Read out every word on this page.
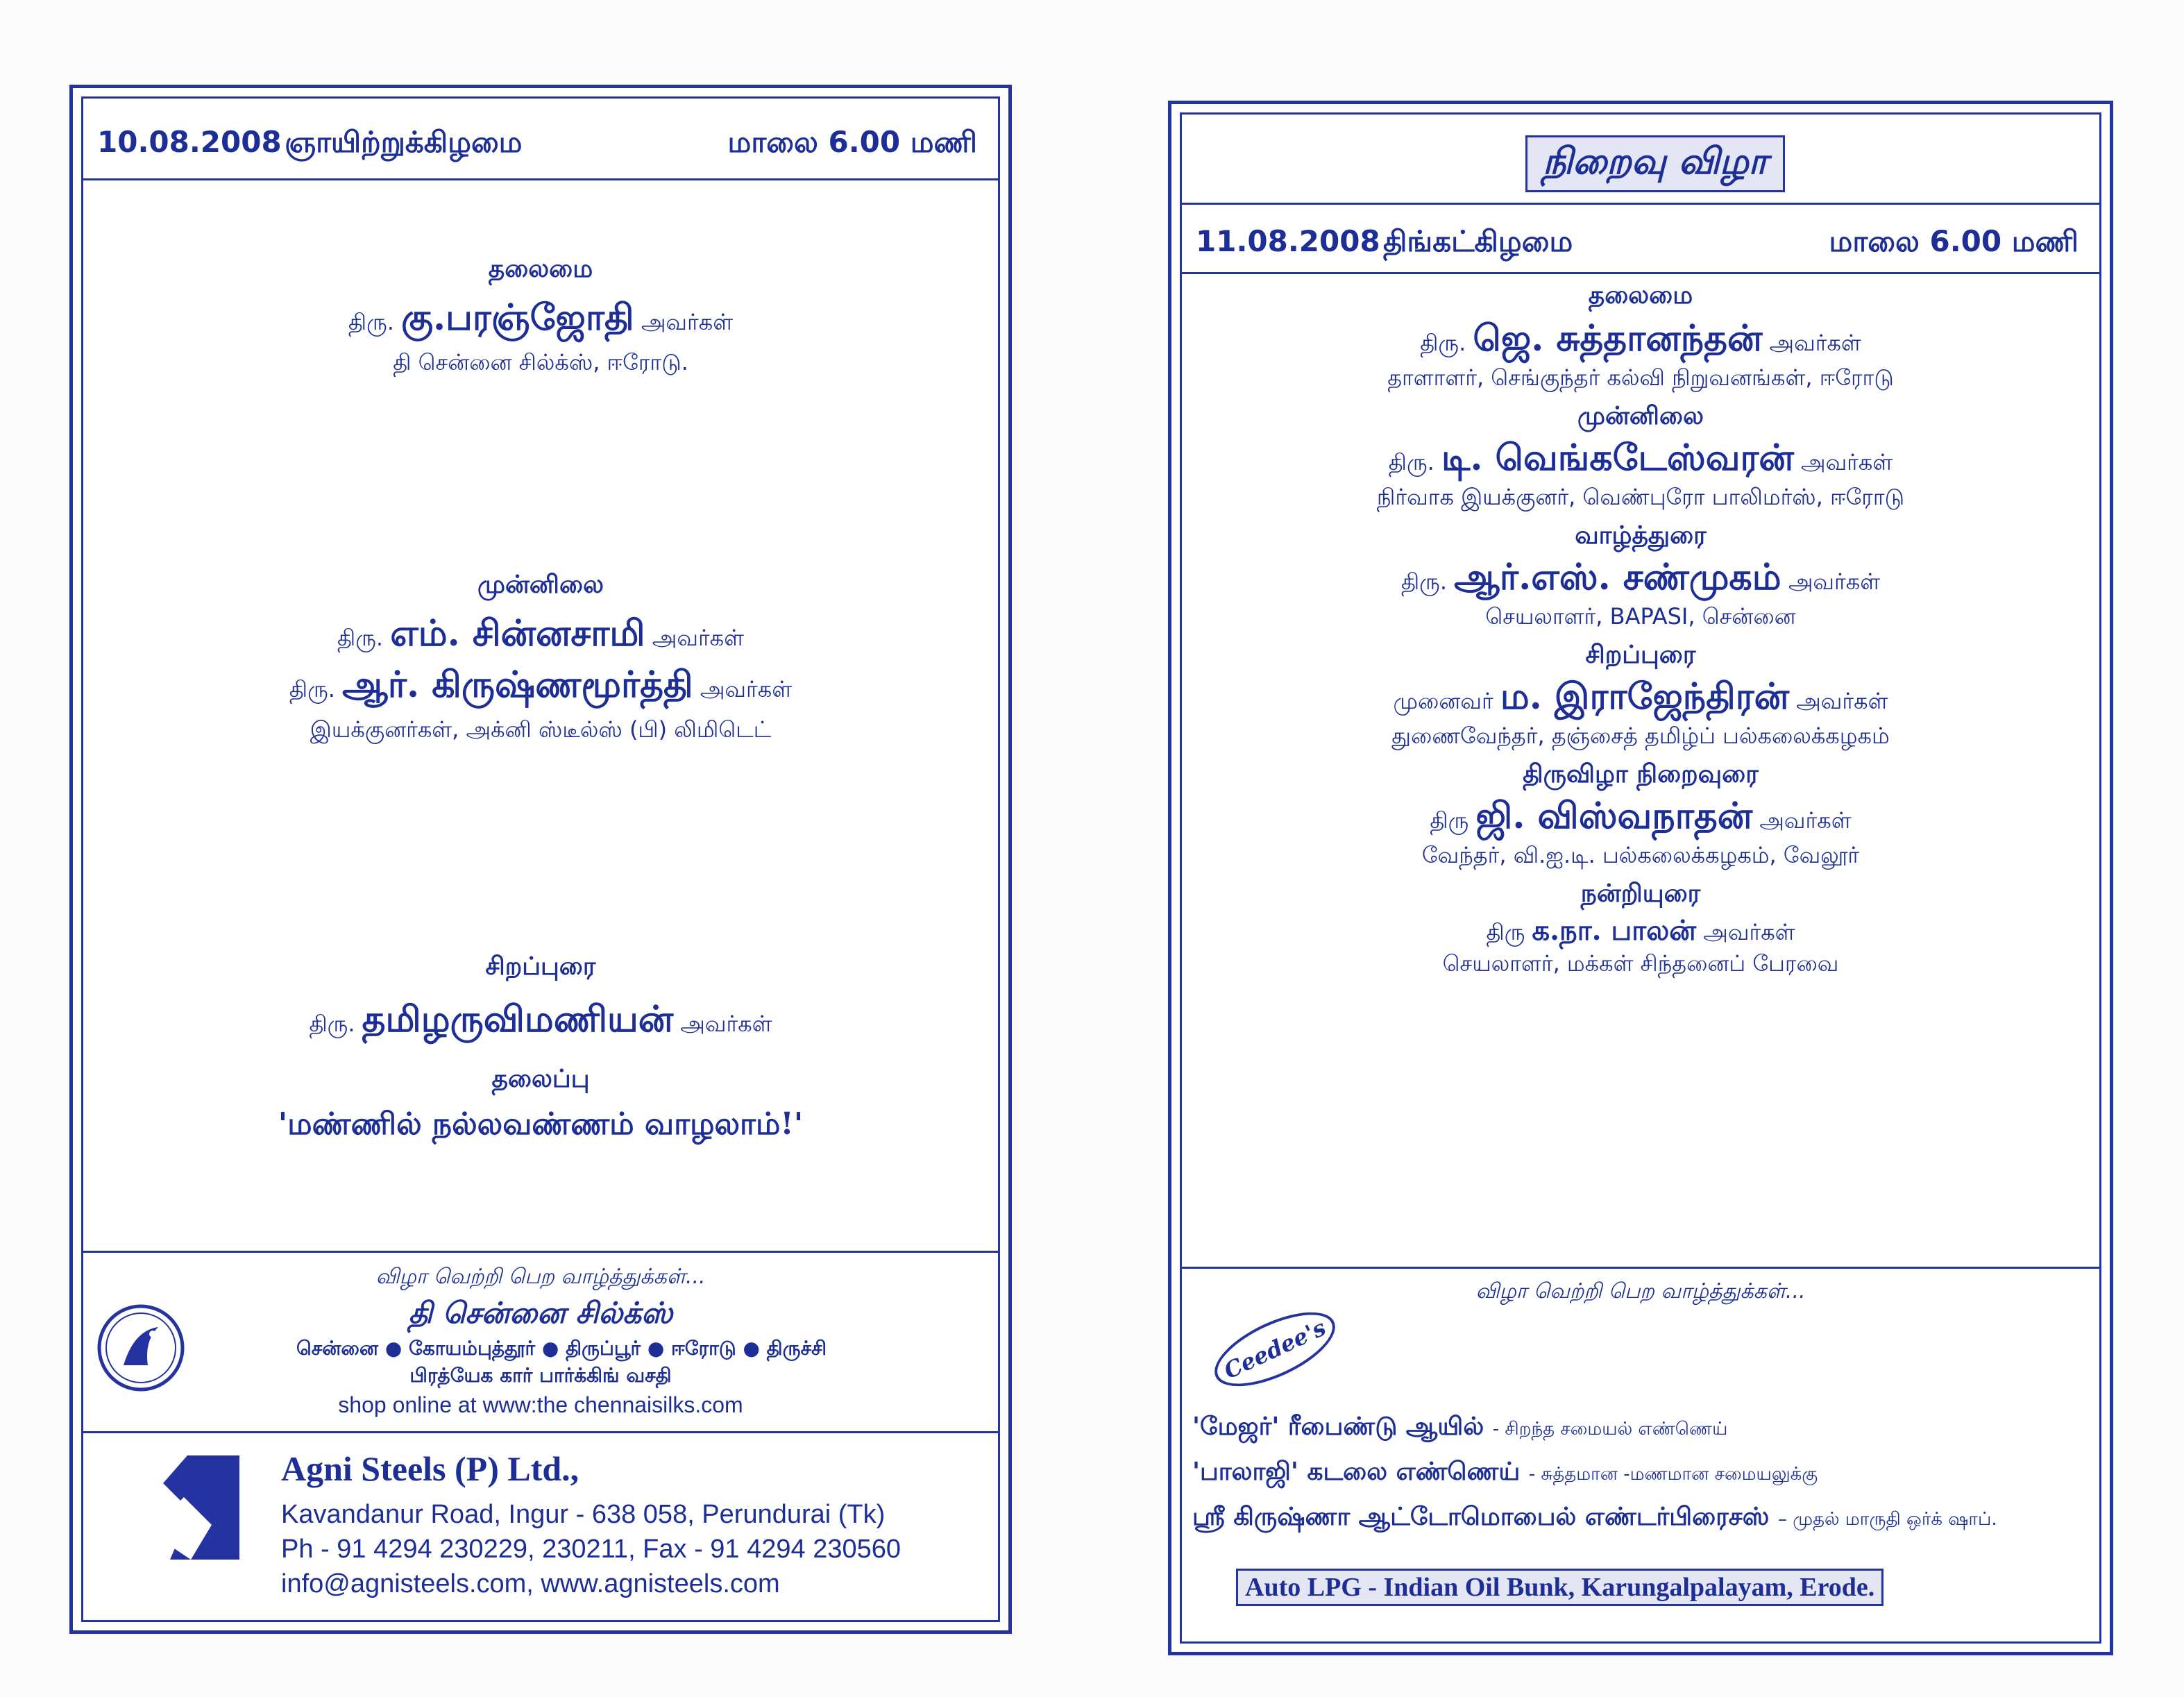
10.08.2008 ஞாயிற்றுக்கிழமை	மாலை 6.00 மணி
தலைமை
திரு. கு.பரஞ்ஜோதி அவர்கள்
தி சென்னை சில்க்ஸ், ஈரோடு.
முன்னிலை
திரு. எம். சின்னசாமி அவர்கள்
திரு. ஆர். கிருஷ்ணமூர்த்தி அவர்கள்
இயக்குனர்கள், அக்னி ஸ்டீல்ஸ் (பி) லிமிடெட்
சிறப்புரை
திரு. தமிழருவிமணியன் அவர்கள்
தலைப்பு
'மண்ணில் நல்லவண்ணம் வாழலாம்!'
விழா வெற்றி பெற வாழ்த்துக்கள்...
தி சென்னை சில்க்ஸ்
சென்னை ● கோயம்புத்தூர் ● திருப்பூர் ● ஈரோடு ● திருச்சி
பிரத்யேக கார் பார்க்கிங் வசதி
shop online at www:the chennaisilks.com
Agni Steels (P) Ltd.,
Kavandanur Road, Ingur - 638 058, Perundurai (Tk)
Ph - 91 4294 230229, 230211, Fax - 91 4294 230560
info@agnisteels.com, www.agnisteels.com
நிறைவு விழா
11.08.2008 திங்கட்கிழமை	மாலை 6.00 மணி
தலைமை
திரு. ஜெ. சுத்தானந்தன் அவர்கள்
தாளாளர், செங்குந்தர் கல்வி நிறுவனங்கள், ஈரோடு
முன்னிலை
திரு. டி. வெங்கடேஸ்வரன் அவர்கள்
நிர்வாக இயக்குனர், வெண்புரோ பாலிமர்ஸ், ஈரோடு
வாழ்த்துரை
திரு. ஆர்.எஸ். சண்முகம் அவர்கள்
செயலாளர், BAPASI, சென்னை
சிறப்புரை
முனைவர் ம. இராஜேந்திரன் அவர்கள்
துணைவேந்தர், தஞ்சைத் தமிழ்ப் பல்கலைக்கழகம்
திருவிழா நிறைவுரை
திரு ஜி. விஸ்வநாதன் அவர்கள்
வேந்தர், வி.ஐ.டி. பல்கலைக்கழகம், வேலூர்
நன்றியுரை
திரு க.நா. பாலன் அவர்கள்
செயலாளர், மக்கள் சிந்தனைப் பேரவை
விழா வெற்றி பெற வாழ்த்துக்கள்...
Ceedee's
'மேஜர்' ரீபைண்டு ஆயில் - சிறந்த சமையல் எண்ணெய்
'பாலாஜி' கடலை எண்ணெய் - சுத்தமான -மணமான சமையலுக்கு
ஸ்ரீ கிருஷ்ணா ஆட்டோமொபைல் எண்டர்பிரைசஸ் – முதல் மாருதி ஒர்க் ஷாப்.
Auto LPG - Indian Oil Bunk, Karungalpalayam, Erode.
